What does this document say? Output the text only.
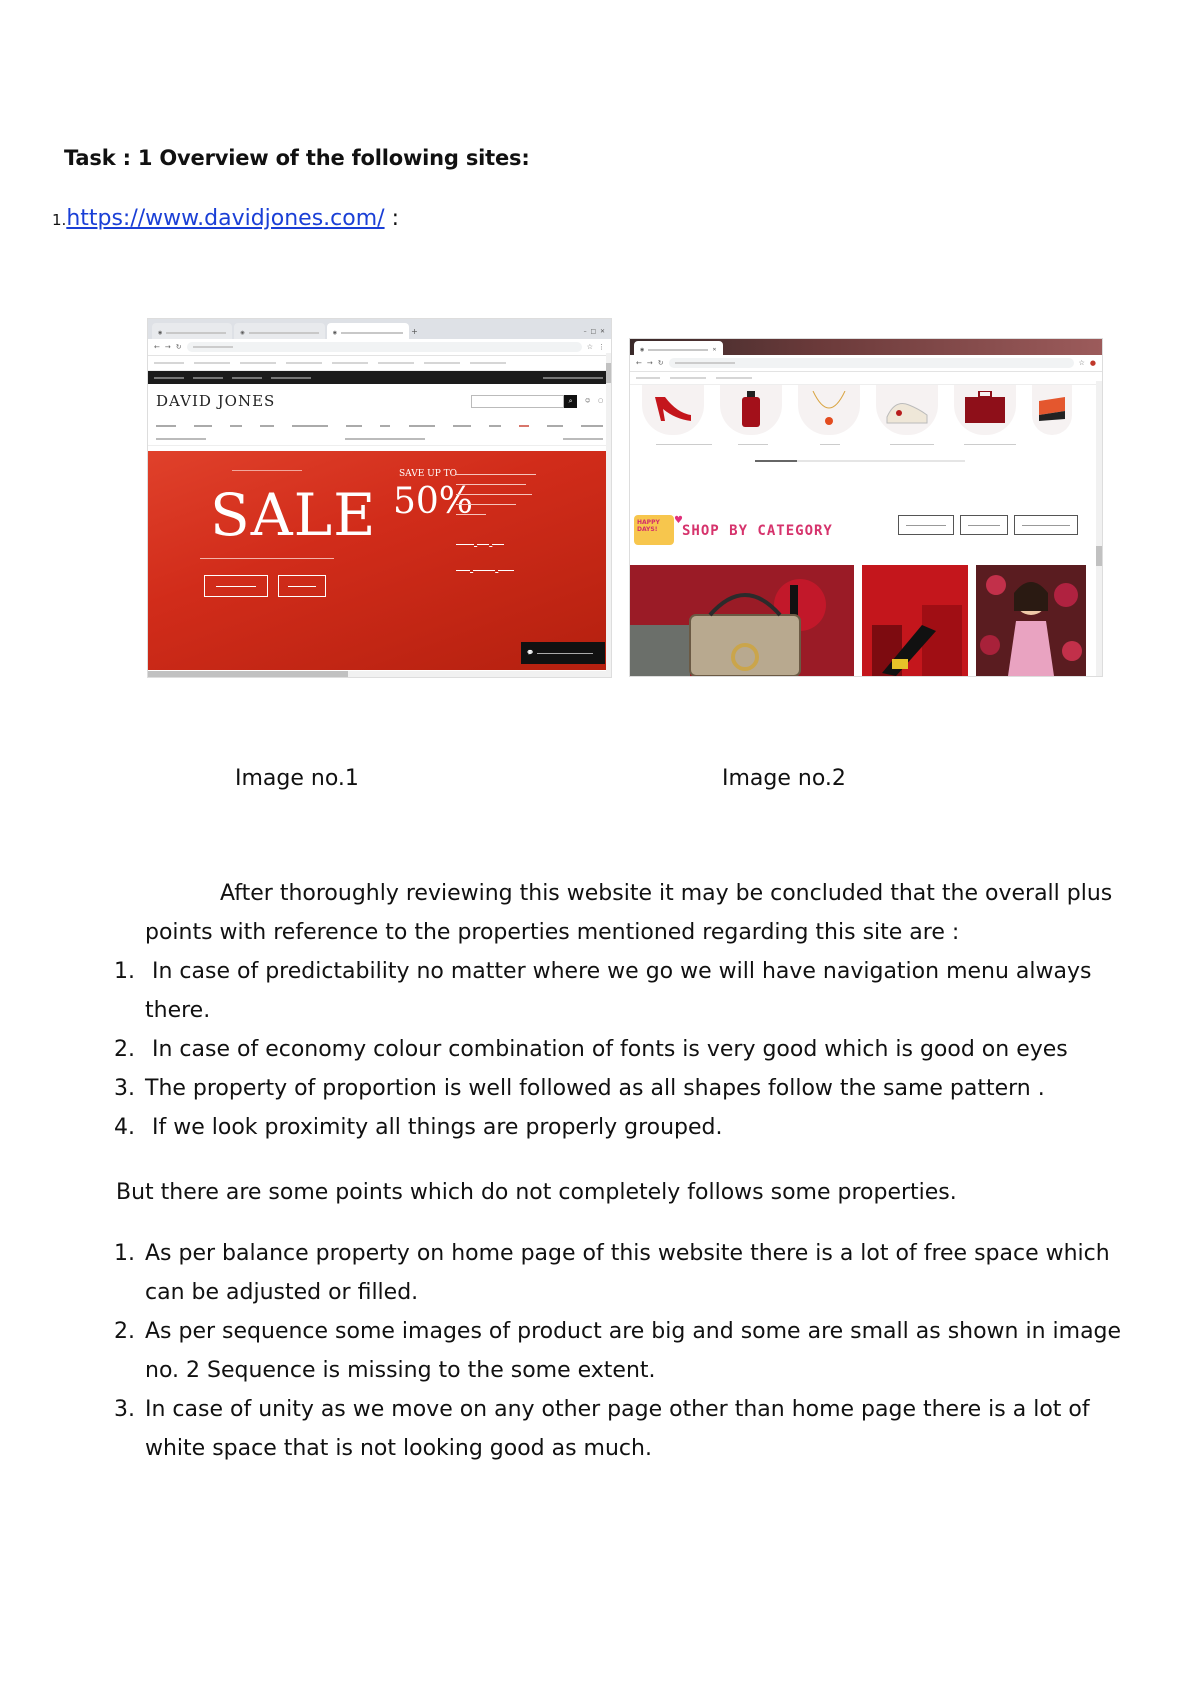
Task : 1 Overview of the following sites:
1.https://www.davidjones.com/ :
◉	◉	◉	+	–  □  ✕
← → ↻	☆ ⋮
DAVID JONES	⌕	☺ ▢
SALE
SAVE UP TO
50%

💬
◉	✕
← → ↻	☆ ●
HAPPY DAYS!
♥
SHOP BY CATEGORY
Image no.1	Image no.2
After thoroughly reviewing this website it may be concluded that the overall plus
points with reference to the properties mentioned regarding this site are :
1. In case of predictability no matter where we go we will have navigation menu always
there.
2. In case of economy colour combination of fonts is very good which is good on eyes
3. The property of proportion is well followed as all shapes follow the same pattern .
4. If we look proximity all things are properly grouped.
But there are some points which do not completely follows some properties.
1. As per balance property on home page of this website there is a lot of free space which
can be adjusted or filled.
2. As per sequence some images of product are big and some are small as shown in image
no. 2 Sequence is missing to the some extent.
3. In case of unity as we move on any other page other than home page there is a lot of
white space that is not looking good as much.
